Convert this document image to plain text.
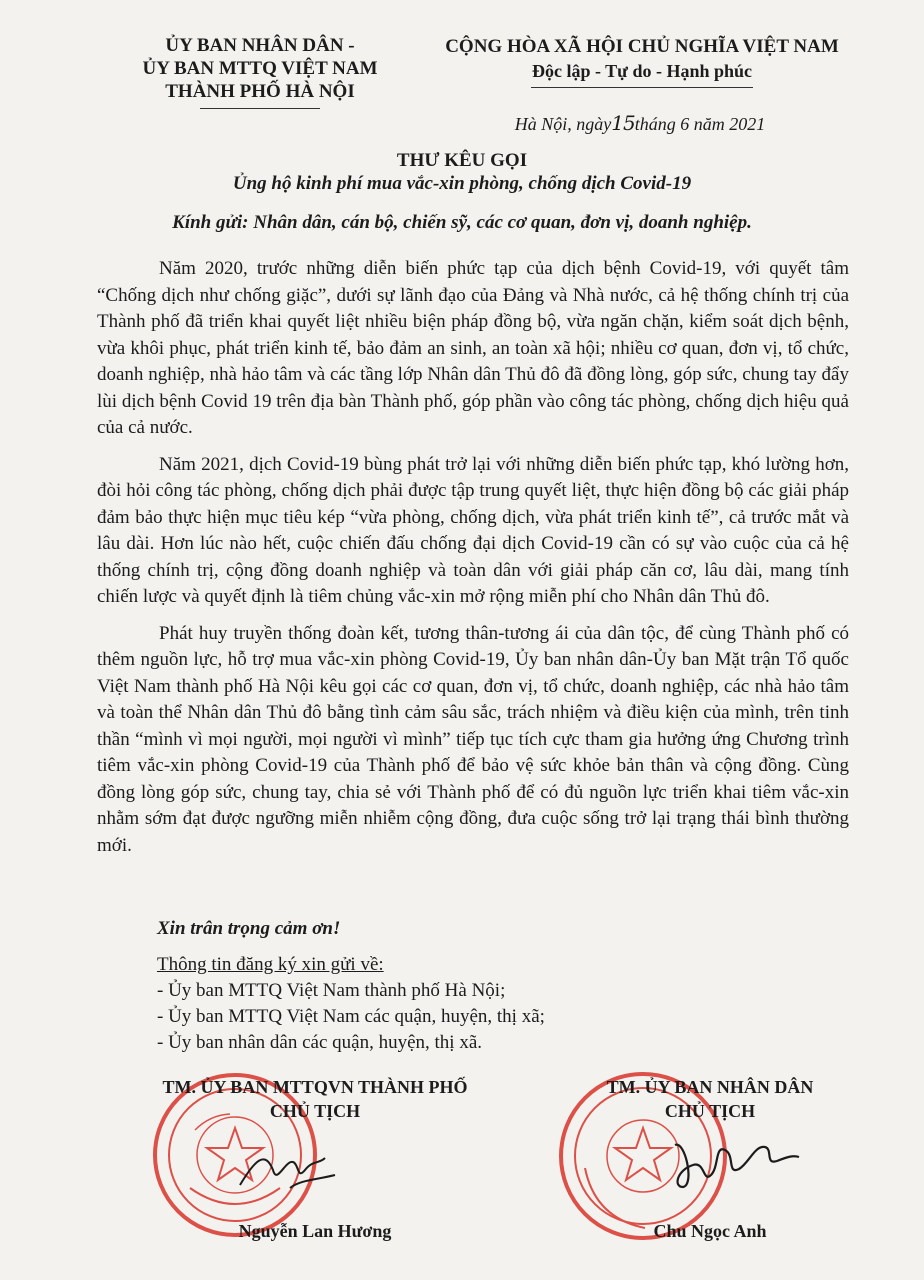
ỦY BAN NHÂN DÂN -
ỦY BAN MTTQ VIỆT NAM
THÀNH PHỐ HÀ NỘI
CỘNG HÒA XÃ HỘI CHỦ NGHĨA VIỆT NAM
Độc lập - Tự do - Hạnh phúc
Hà Nội, ngày15tháng 6 năm 2021
THƯ KÊU GỌI
Ủng hộ kinh phí mua vắc-xin phòng, chống dịch Covid-19
Kính gửi: Nhân dân, cán bộ, chiến sỹ, các cơ quan, đơn vị, doanh nghiệp.

Năm 2020, trước những diễn biến phức tạp của dịch bệnh Covid-19, với quyết tâm “Chống dịch như chống giặc”, dưới sự lãnh đạo của Đảng và Nhà nước, cả hệ thống chính trị của Thành phố đã triển khai quyết liệt nhiều biện pháp đồng bộ, vừa ngăn chặn, kiểm soát dịch bệnh, vừa khôi phục, phát triển kinh tế, bảo đảm an sinh, an toàn xã hội; nhiều cơ quan, đơn vị, tổ chức, doanh nghiệp, nhà hảo tâm và các tầng lớp Nhân dân Thủ đô đã đồng lòng, góp sức, chung tay đẩy lùi dịch bệnh Covid 19 trên địa bàn Thành phố, góp phần vào công tác phòng, chống dịch hiệu quả của cả nước.

Năm 2021, dịch Covid-19 bùng phát trở lại với những diễn biến phức tạp, khó lường hơn, đòi hỏi công tác phòng, chống dịch phải được tập trung quyết liệt, thực hiện đồng bộ các giải pháp đảm bảo thực hiện mục tiêu kép “vừa phòng, chống dịch, vừa phát triển kinh tế”, cả trước mắt và lâu dài. Hơn lúc nào hết, cuộc chiến đấu chống đại dịch Covid-19 cần có sự vào cuộc của cả hệ thống chính trị, cộng đồng doanh nghiệp và toàn dân với giải pháp căn cơ, lâu dài, mang tính chiến lược và quyết định là tiêm chủng vắc-xin mở rộng miễn phí cho Nhân dân Thủ đô.

Phát huy truyền thống đoàn kết, tương thân-tương ái của dân tộc, để cùng Thành phố có thêm nguồn lực, hỗ trợ mua vắc-xin phòng Covid-19, Ủy ban nhân dân-Ủy ban Mặt trận Tổ quốc Việt Nam thành phố Hà Nội kêu gọi các cơ quan, đơn vị, tổ chức, doanh nghiệp, các nhà hảo tâm và toàn thể Nhân dân Thủ đô bằng tình cảm sâu sắc, trách nhiệm và điều kiện của mình, trên tinh thần “mình vì mọi người, mọi người vì mình” tiếp tục tích cực tham gia hưởng ứng Chương trình tiêm vắc-xin phòng Covid-19 của Thành phố để bảo vệ sức khỏe bản thân và cộng đồng. Cùng đồng lòng góp sức, chung tay, chia sẻ với Thành phố để có đủ nguồn lực triển khai tiêm vắc-xin nhằm sớm đạt được ngưỡng miễn nhiễm cộng đồng, đưa cuộc sống trở lại trạng thái bình thường mới.

Xin trân trọng cảm ơn!
Thông tin đăng ký xin gửi về:
- Ủy ban MTTQ Việt Nam thành phố Hà Nội;
- Ủy ban MTTQ Việt Nam các quận, huyện, thị xã;
- Ủy ban nhân dân các quận, huyện, thị xã.
TM. ỦY BAN MTTQVN THÀNH PHỐ
CHỦ TỊCH
Nguyễn Lan Hương
TM. ỦY BAN NHÂN DÂN
CHỦ TỊCH
Chu Ngọc Anh
